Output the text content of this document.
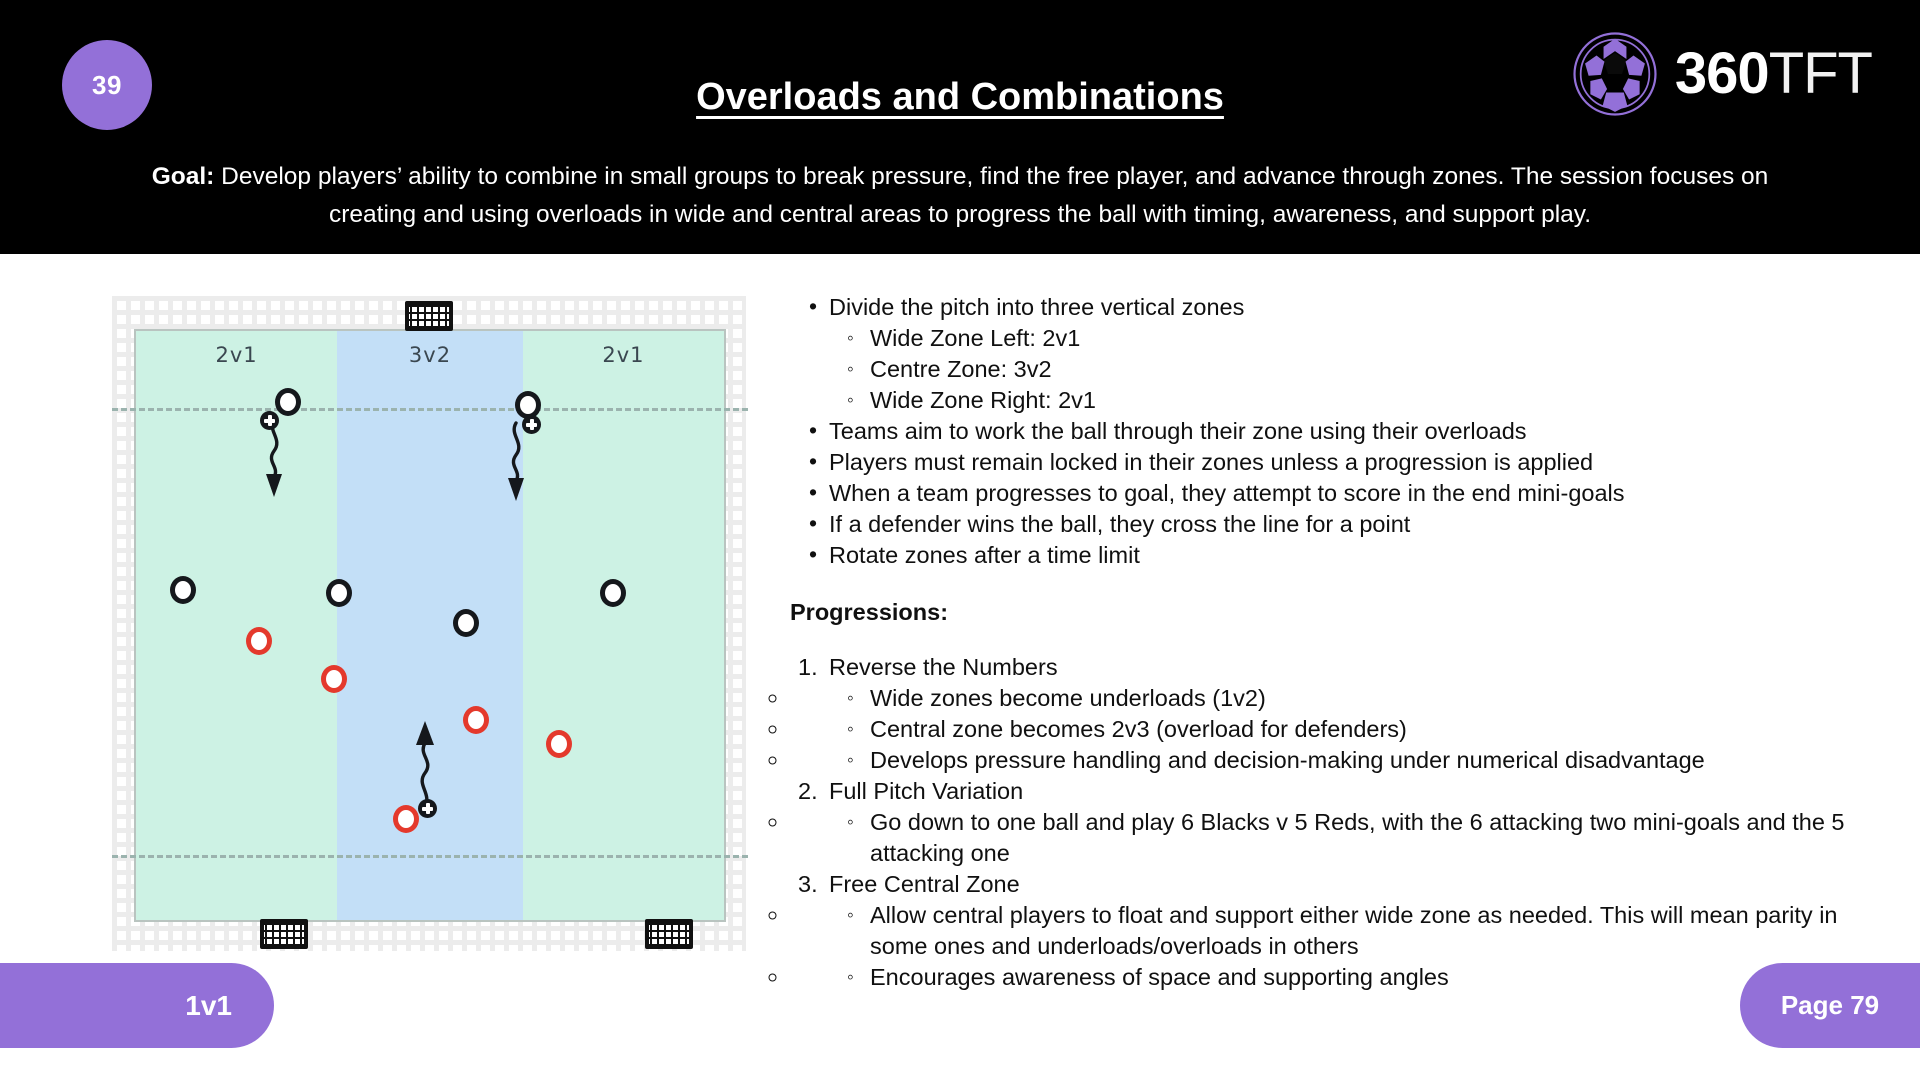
39	Overloads and Combinations	360TFT
Goal: Develop players’ ability to combine in small groups to break pressure, find the free player, and advance through zones. The session focuses on creating and using overloads in wide and central areas to progress the ball with timing, awareness, and support play.
2v1	3v2	2v1
• Divide the pitch into three vertical zones
◦ Wide Zone Left: 2v1
◦ Centre Zone: 3v2
◦ Wide Zone Right: 2v1
• Teams aim to work the ball through their zone using their overloads
• Players must remain locked in their zones unless a progression is applied
• When a team progresses to goal, they attempt to score in the end mini-goals
• If a defender wins the ball, they cross the line for a point
• Rotate zones after a time limit
Progressions:
1. Reverse the Numbers
◦ ◦ Wide zones become underloads (1v2)
◦ ◦ Central zone becomes 2v3 (overload for defenders)
◦ ◦ Develops pressure handling and decision-making under numerical disadvantage
2. Full Pitch Variation
◦ ◦ Go down to one ball and play 6 Blacks v 5 Reds, with the 6 attacking two mini-goals and the 5 attacking one
3. Free Central Zone
◦ ◦ Allow central players to float and support either wide zone as needed. This will mean parity in some ones and underloads/overloads in others
◦ ◦ Encourages awareness of space and supporting angles
1v1	Page 79
